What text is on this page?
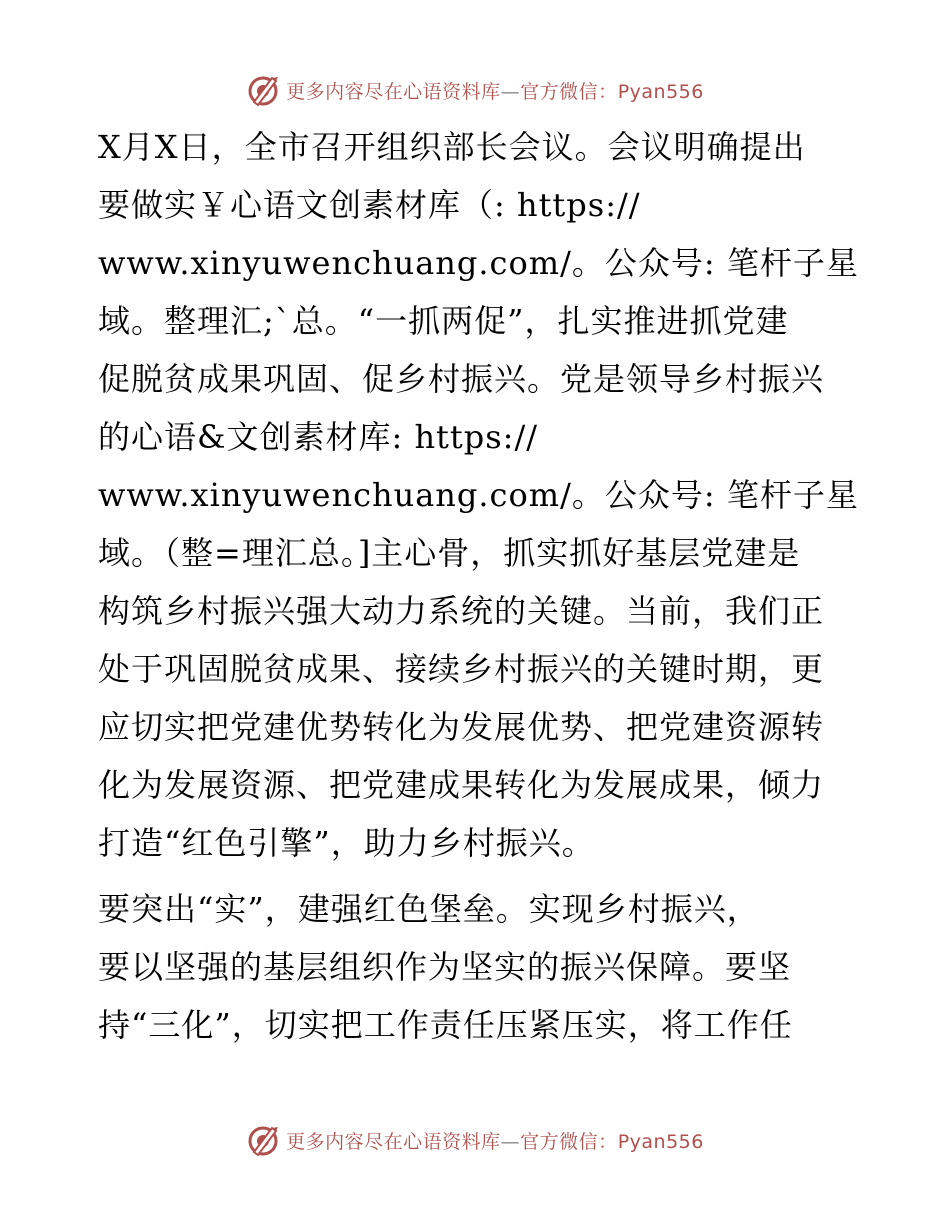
更多内容尽在心语资料库—官方微信：Pyan556
X月X日，全市召开组织部长会议。会议明确提出
要做实￥心语文创素材库（: https://
www.xinyuwenchuang.com/。公众号: 笔杆子星
域。整理汇;`总。“一抓两促”，扎实推进抓党建
促脱贫成果巩固、促乡村振兴。党是领导乡村振兴
的心语&文创素材库: https://
www.xinyuwenchuang.com/。公众号: 笔杆子星
域。（整=理汇总。]主心骨，抓实抓好基层党建是
构筑乡村振兴强大动力系统的关键。当前，我们正
处于巩固脱贫成果、接续乡村振兴的关键时期，更
应切实把党建优势转化为发展优势、把党建资源转
化为发展资源、把党建成果转化为发展成果，倾力
打造“红色引擎”，助力乡村振兴。
要突出“实”，建强红色堡垒。实现乡村振兴，
要以坚强的基层组织作为坚实的振兴保障。要坚
持“三化”，切实把工作责任压紧压实，将工作任
更多内容尽在心语资料库—官方微信：Pyan556
